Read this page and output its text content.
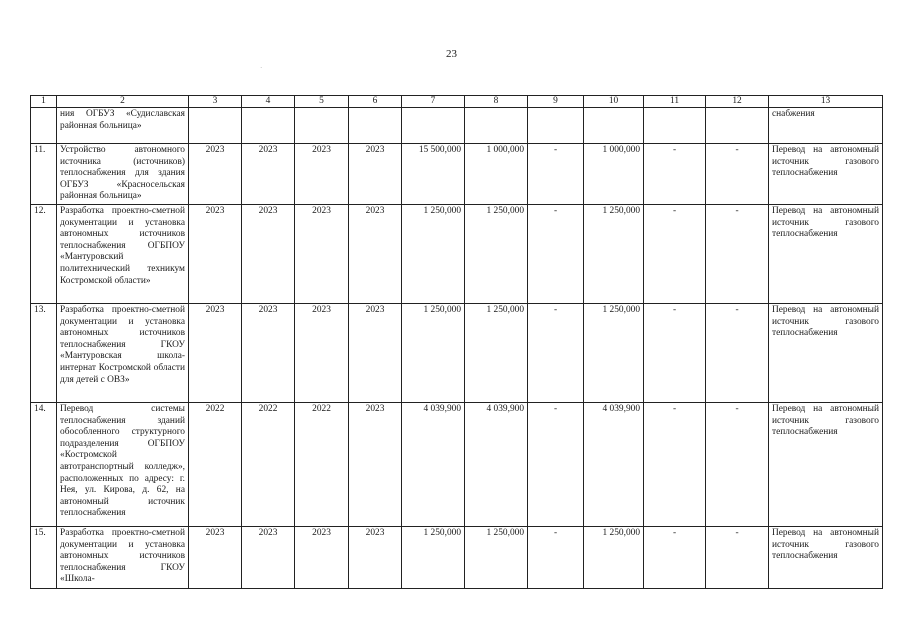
23
·
1	2	3	4	5	6	7	8	9	10	11	12	13
	ния ОГБУЗ «Судиславская районная больница»											снабжения
11.	Устройство автономного источника (источников) теплоснабжения для здания ОГБУЗ «Красносельская районная больница»	2023	2023	2023	2023	15 500,000	1 000,000	-	1 000,000	-	-	Перевод на автономный источник газового теплоснабжения
12.	Разработка проектно-сметной документации и установка автономных источников теплоснабжения ОГБПОУ «Мантуровский политехнический техникум Костромской области»	2023	2023	2023	2023	1 250,000	1 250,000	-	1 250,000	-	-	Перевод на автономный источник газового теплоснабжения
13.	Разработка проектно-сметной документации и установка автономных источников теплоснабжения ГКОУ «Мантуровская школа-интернат Костромской области для детей с ОВЗ»	2023	2023	2023	2023	1 250,000	1 250,000	-	1 250,000	-	-	Перевод на автономный источник газового теплоснабжения
14.	Перевод системы теплоснабжения зданий обособленного структурного подразделения ОГБПОУ «Костромской автотранспортный колледж», расположенных по адресу: г. Нея, ул. Кирова, д. 62, на автономный источник теплоснабжения	2022	2022	2022	2023	4 039,900	4 039,900	-	4 039,900	-	-	Перевод на автономный источник газового теплоснабжения
15.	Разработка проектно-сметной документации и установка автономных источников теплоснабжения ГКОУ «Школа-	2023	2023	2023	2023	1 250,000	1 250,000	-	1 250,000	-	-	Перевод на автономный источник газового теплоснабжения
